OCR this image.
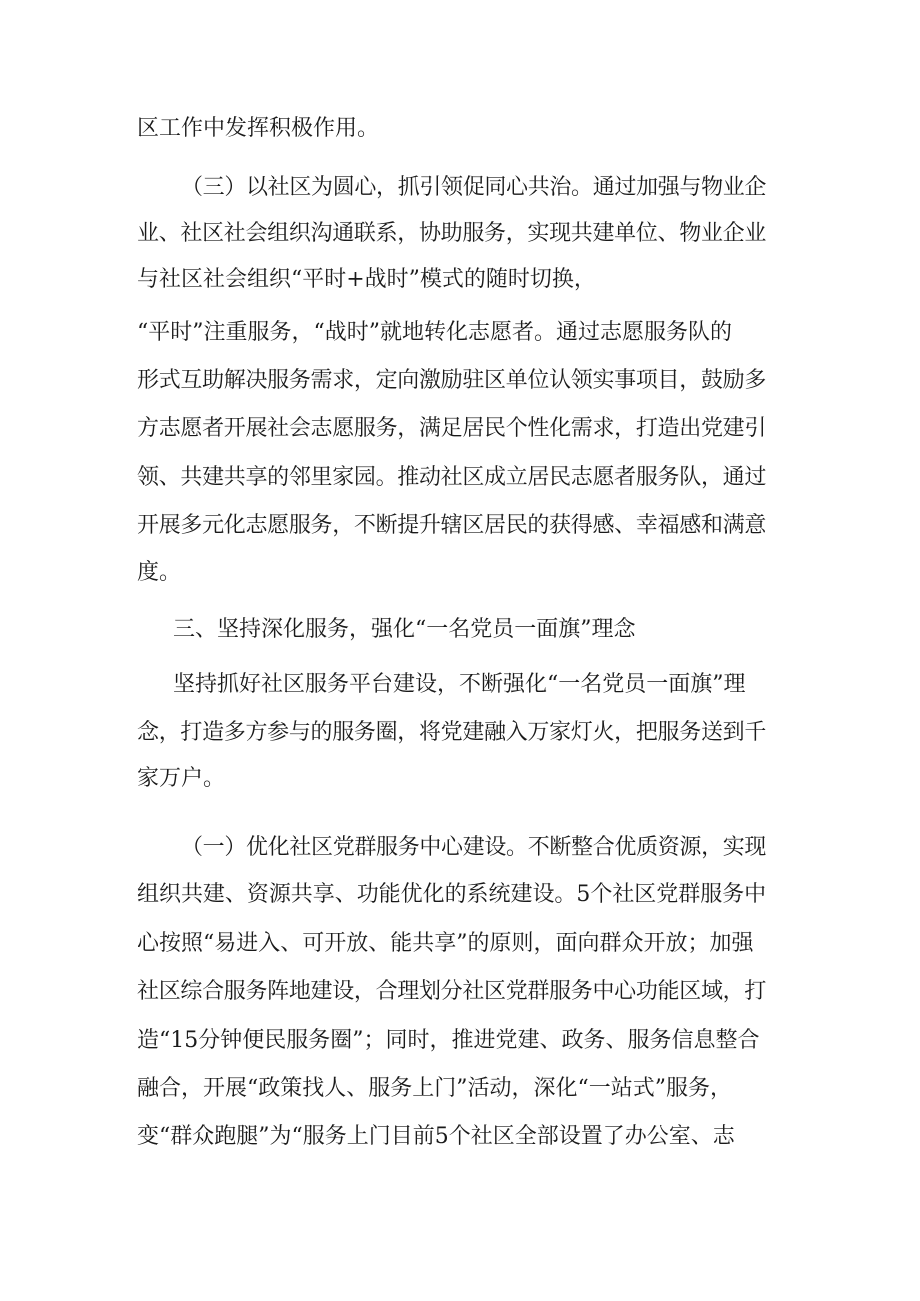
区工作中发挥积极作用。
（三）以社区为圆心，抓引领促同心共治。通过加强与物业企
业、社区社会组织沟通联系，协助服务，实现共建单位、物业企业
与社区社会组织“平时+战时”模式的随时切换，
“平时”注重服务，“战时”就地转化志愿者。通过志愿服务队的
形式互助解决服务需求，定向激励驻区单位认领实事项目，鼓励多
方志愿者开展社会志愿服务，满足居民个性化需求，打造出党建引
领、共建共享的邻里家园。推动社区成立居民志愿者服务队，通过
开展多元化志愿服务，不断提升辖区居民的获得感、幸福感和满意
度。
三、坚持深化服务，强化“一名党员一面旗”理念
坚持抓好社区服务平台建设，不断强化“一名党员一面旗”理
念，打造多方参与的服务圈，将党建融入万家灯火，把服务送到千
家万户。
（一）优化社区党群服务中心建设。不断整合优质资源，实现
组织共建、资源共享、功能优化的系统建设。5个社区党群服务中
心按照“易进入、可开放、能共享”的原则，面向群众开放；加强
社区综合服务阵地建设，合理划分社区党群服务中心功能区域，打
造“15分钟便民服务圈”；同时，推进党建、政务、服务信息整合
融合，开展“政策找人、服务上门”活动，深化“一站式”服务，
变“群众跑腿”为“服务上门目前5个社区全部设置了办公室、志
